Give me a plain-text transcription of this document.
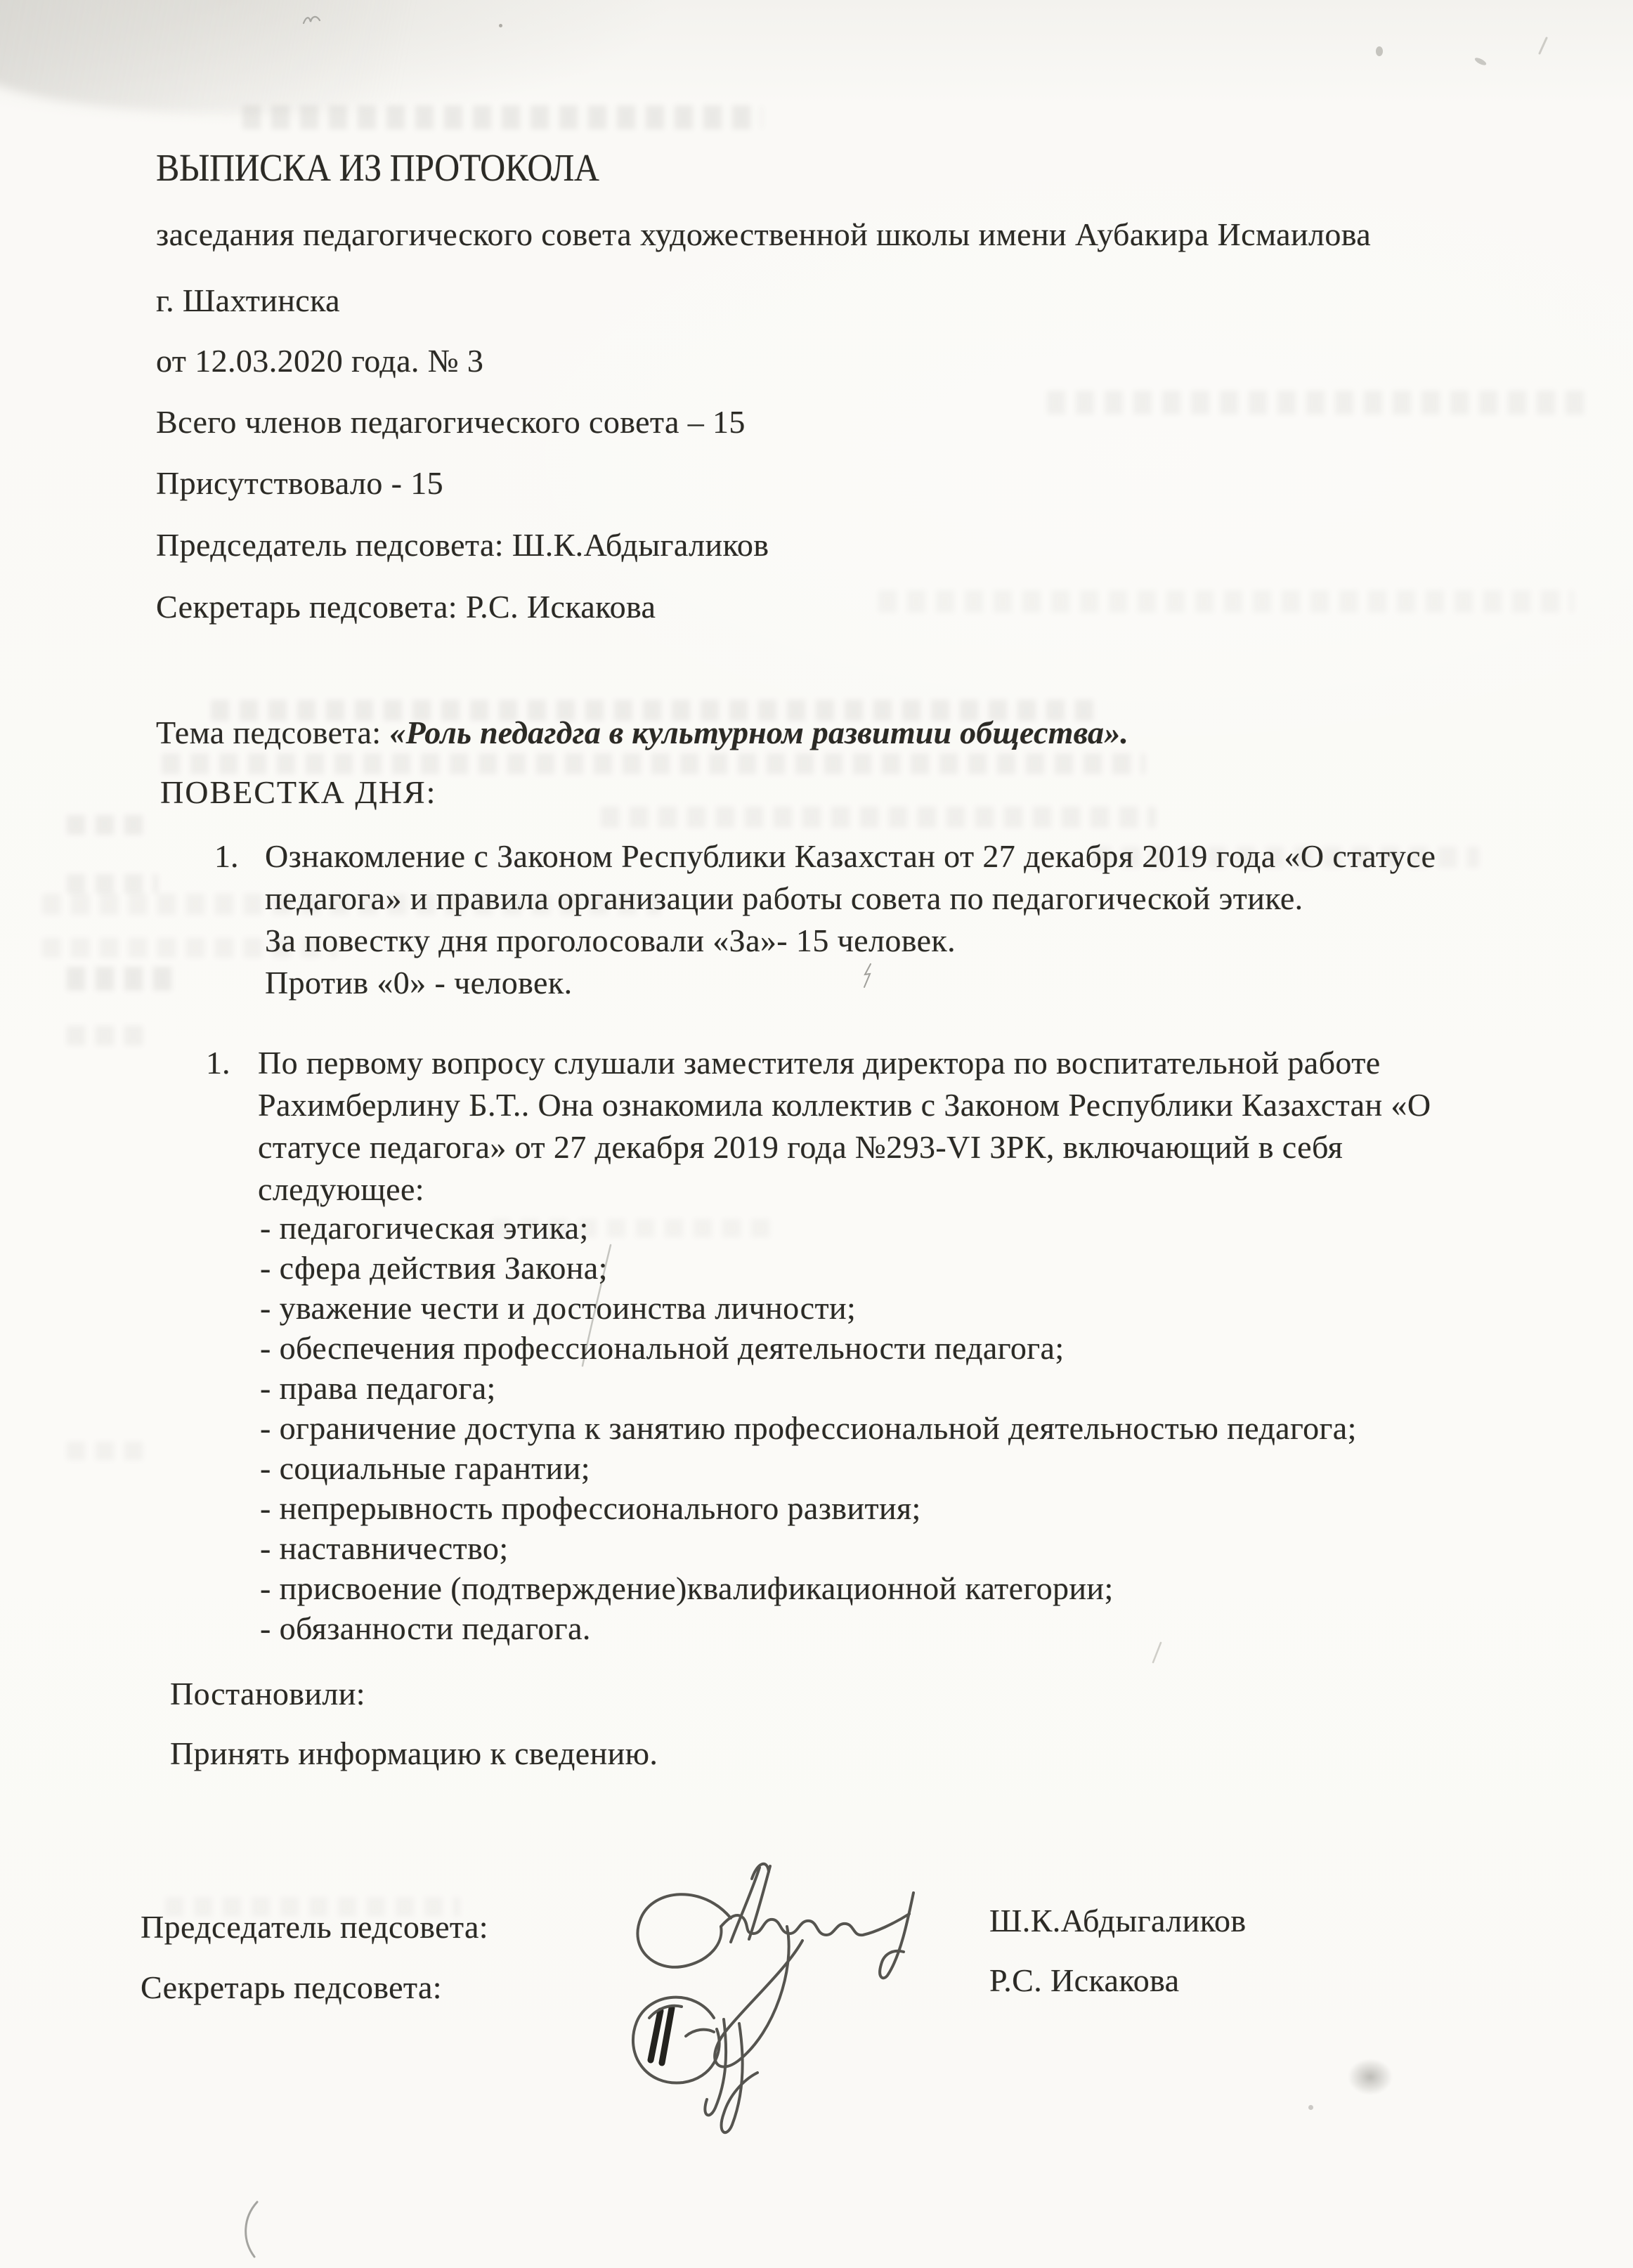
ВЫПИСКА ИЗ ПРОТОКОЛА
заседания педагогического совета художественной школы имени Аубакира Исмаилова
г. Шахтинска
от 12.03.2020 года. № 3
Всего членов педагогического совета – 15
Присутствовало - 15
Председатель педсовета: Ш.К.Абдыгаликов
Секретарь педсовета: Р.С. Искакова
Тема педсовета: «Роль педагдга в культурном развитии общества».
ПОВЕСТКА ДНЯ:
1. Ознакомление с Законом Республики Казахстан от 27 декабря 2019 года «О статусе
педагога» и правила организации работы совета по педагогической этике.
За повестку дня проголосовали «За»- 15 человек.
Против «0» - человек.
1. По первому вопросу слушали заместителя директора по воспитательной работе
Рахимберлину Б.Т.. Она ознакомила коллектив с Законом Республики Казахстан «О
статусе педагога» от 27 декабря 2019 года №293-VI ЗРК, включающий в себя
следующее:
- педагогическая этика;
- сфера действия Закона;
- уважение чести и достоинства личности;
- обеспечения профессиональной деятельности педагога;
- права педагога;
- ограничение доступа к занятию профессиональной деятельностью педагога;
- социальные гарантии;
- непрерывность профессионального развития;
- наставничество;
- присвоение (подтверждение)квалификационной категории;
- обязанности педагога.
Постановили:
Принять информацию к сведению.
Председатель педсовета:	Ш.К.Абдыгаликов
Секретарь педсовета:	Р.С. Искакова
